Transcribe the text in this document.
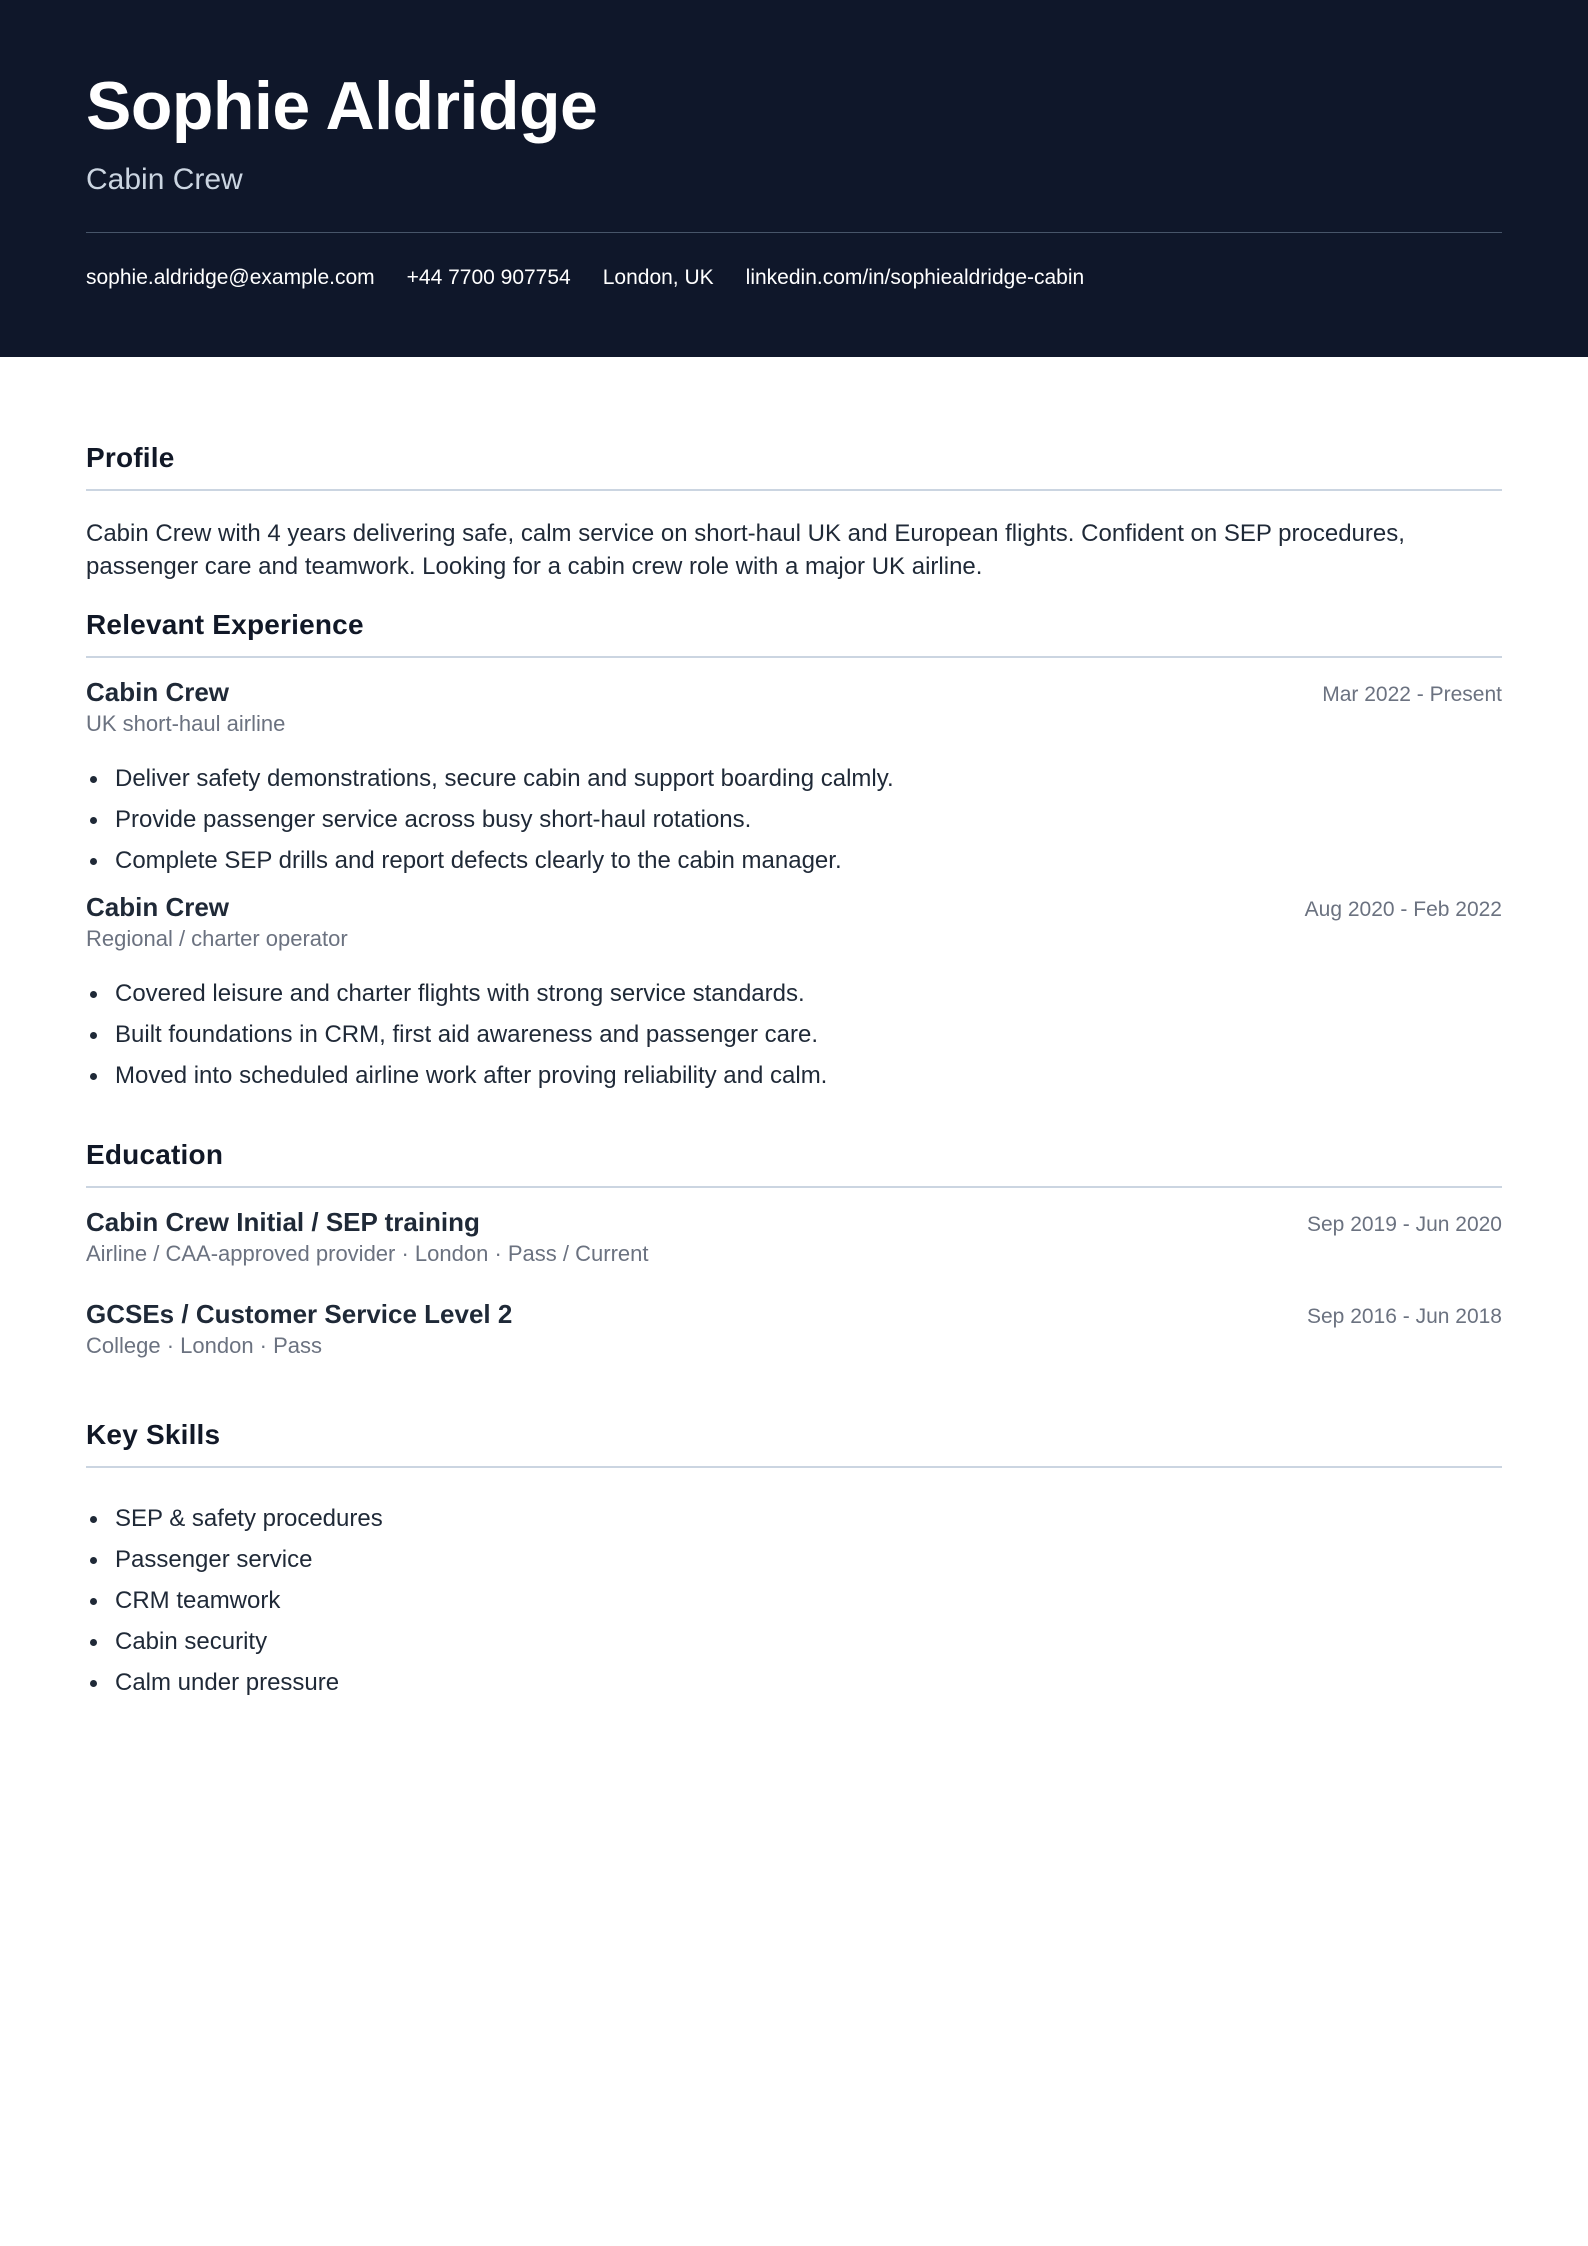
Sophie Aldridge
Cabin Crew
sophie.aldridge@example.com +44 7700 907754 London, UK linkedin.com/in/sophiealdridge-cabin
Profile

Cabin Crew with 4 years delivering safe, calm service on short-haul UK and European flights. Confident on SEP procedures, passenger care and teamwork. Looking for a cabin crew role with a major UK airline.

Relevant Experience
Cabin Crew	Mar 2022 - Present
UK short-haul airline
Deliver safety demonstrations, secure cabin and support boarding calmly.
Provide passenger service across busy short-haul rotations.
Complete SEP drills and report defects clearly to the cabin manager.
Cabin Crew	Aug 2020 - Feb 2022
Regional / charter operator
Covered leisure and charter flights with strong service standards.
Built foundations in CRM, first aid awareness and passenger care.
Moved into scheduled airline work after proving reliability and calm.
Education
Cabin Crew Initial / SEP training	Sep 2019 - Jun 2020
Airline / CAA-approved provider · London · Pass / Current
GCSEs / Customer Service Level 2	Sep 2016 - Jun 2018
College · London · Pass
Key Skills
SEP & safety procedures
Passenger service
CRM teamwork
Cabin security
Calm under pressure
